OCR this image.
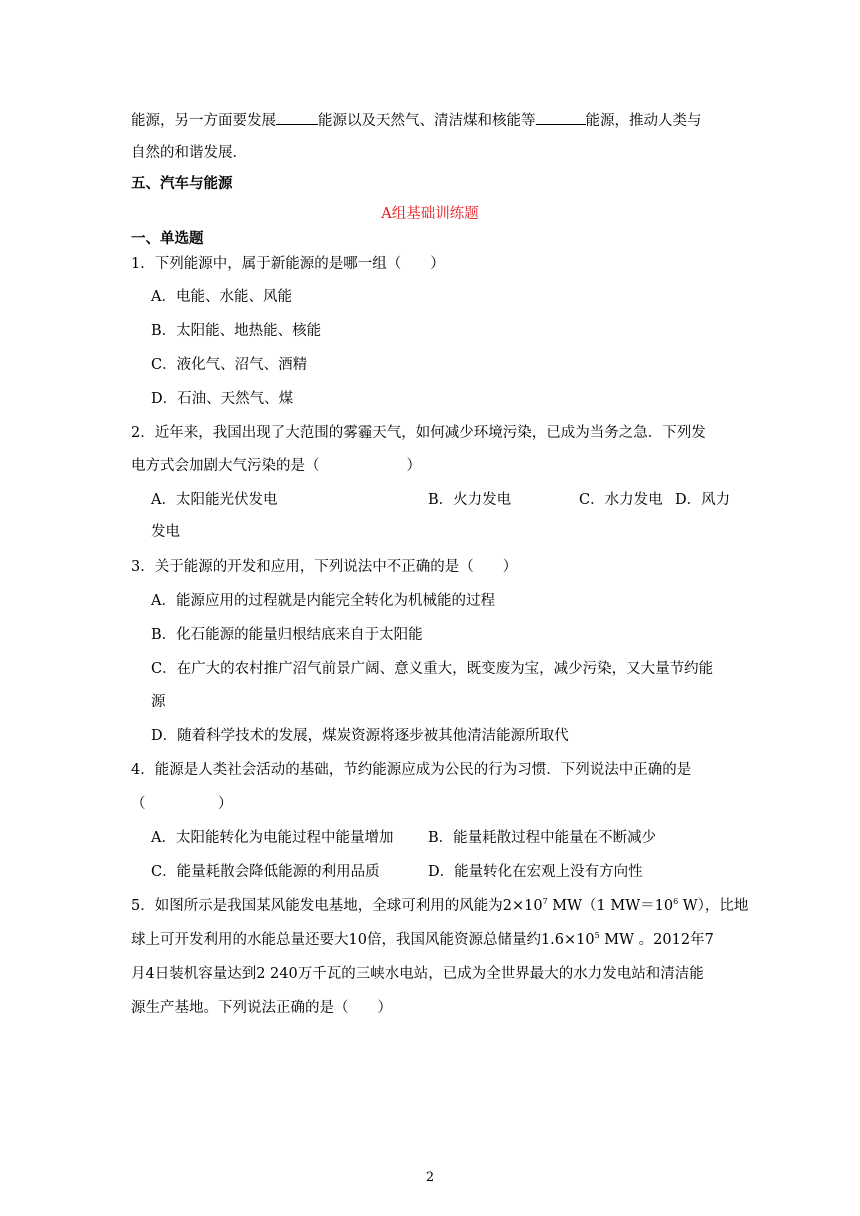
能源，另一方面要发展	能源以及天然气、清洁煤和核能等	能源，推动人类与
自然的和谐发展．
五、汽车与能源
A组基础训练题
一、单选题
1．下列能源中，属于新能源的是哪一组（　　）
A．电能、水能、风能
B．太阳能、地热能、核能
C．液化气、沼气、酒精
D．石油、天然气、煤
2．近年来，我国出现了大范围的雾霾天气，如何减少环境污染，已成为当务之急．下列发
电方式会加剧大气污染的是（　　　　　　）
A．太阳能光伏发电	B．火力发电	C．水力发电 D．风力
发电
3．关于能源的开发和应用，下列说法中不正确的是（　　）
A．能源应用的过程就是内能完全转化为机械能的过程
B．化石能源的能量归根结底来自于太阳能
C．在广大的农村推广沼气前景广阔、意义重大，既变废为宝，减少污染，又大量节约能
源
D．随着科学技术的发展，煤炭资源将逐步被其他清洁能源所取代
4．能源是人类社会活动的基础，节约能源应成为公民的行为习惯．下列说法中正确的是
（　　　　　）
A．太阳能转化为电能过程中能量增加 B．能量耗散过程中能量在不断减少
C．能量耗散会降低能源的利用品质	D．能量转化在宏观上没有方向性
5．如图所示是我国某风能发电基地，全球可利用的风能为$2\times 10^7$ MW（1 $MW=10^6$ W），比地
球上可开发利用的水能总量还要大10倍，我国风能资源总储量约$1.6\times 10^5$ MW 。2012年7
月4日装机容量达到2 240万千瓦的三峡水电站，已成为全世界最大的水力发电站和清洁能
源生产基地。下列说法正确的是（　　）
2
